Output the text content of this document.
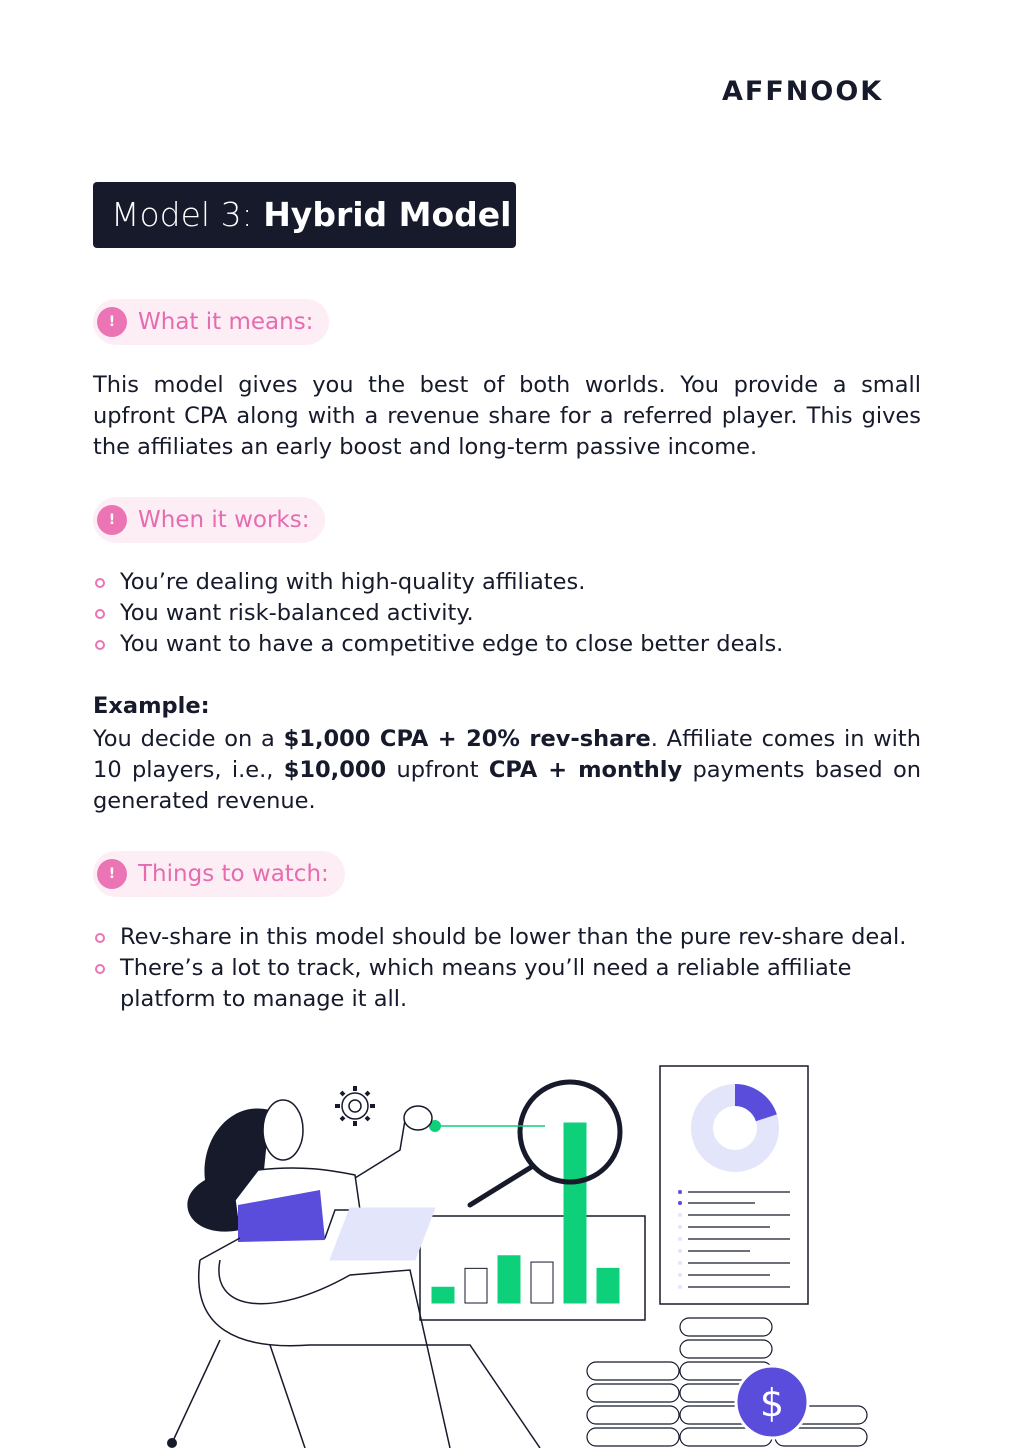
AFFNOOK
Model 3: Hybrid Model
! What it means:
This model gives you the best of both worlds. You provide a small upfront CPA along with a revenue share for a referred player. This gives the affiliates an early boost and long-term passive income.
! When it works:
You’re dealing with high-quality affiliates.
You want risk-balanced activity.
You want to have a competitive edge to close better deals.
Example:
You decide on a $1,000 CPA + 20% rev-share. Affiliate comes in with 10 players, i.e., $10,000 upfront CPA + monthly payments based on generated revenue.
! Things to watch:
Rev-share in this model should be lower than the pure rev-share deal.
There’s a lot to track, which means you’ll need a reliable affiliate platform to manage it all.
$
